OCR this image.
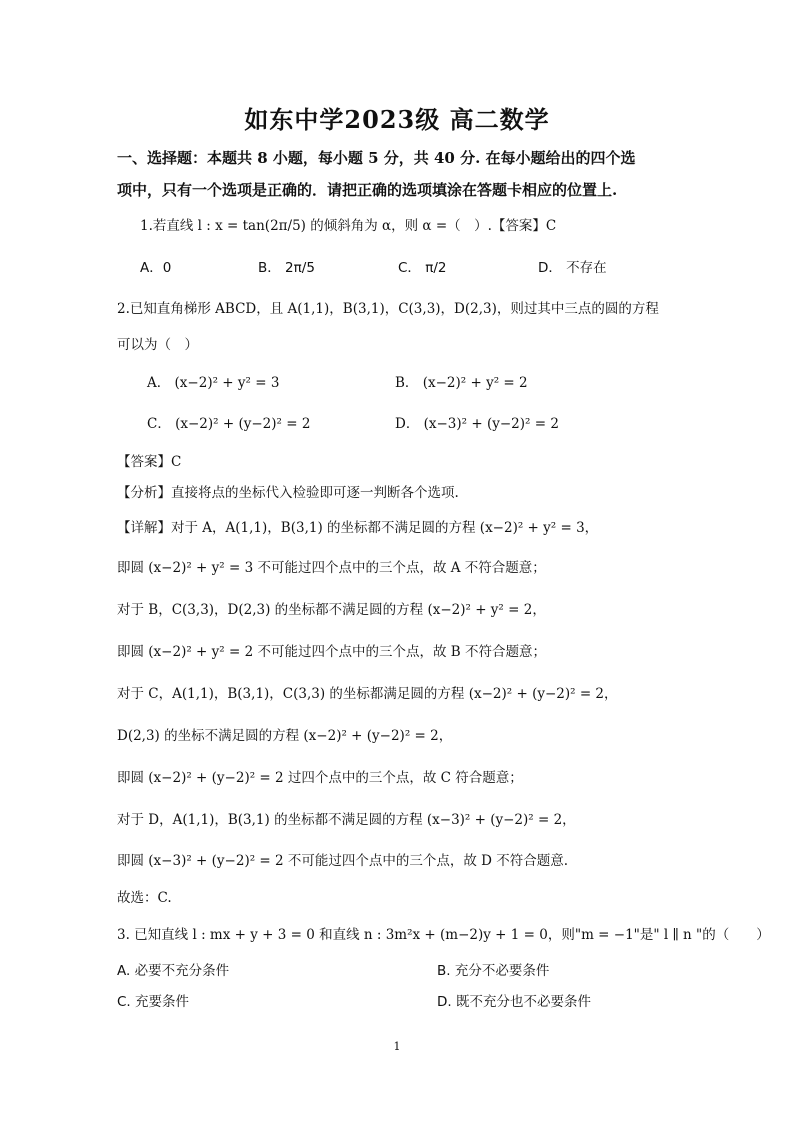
如东中学2023级 高二数学
一、选择题：本题共 8 小题，每小题 5 分，共 40 分. 在每小题给出的四个选
项中，只有一个选项是正确的．请把正确的选项填涂在答题卡相应的位置上.
1.若直线 l : x = tan(2π/5) 的倾斜角为 α，则 α =（　）.【答案】C
A．0	B． 2π/5	C． π/2	D． 不存在
2.已知直角梯形 ABCD，且 A(1,1)，B(3,1)，C(3,3)，D(2,3)，则过其中三点的圆的方程
可以为（　）
A． (x−2)² + y² = 3	B． (x−2)² + y² = 2
C． (x−2)² + (y−2)² = 2	D． (x−3)² + (y−2)² = 2
【答案】C
【分析】直接将点的坐标代入检验即可逐一判断各个选项.
【详解】对于 A，A(1,1)，B(3,1) 的坐标都不满足圆的方程 (x−2)² + y² = 3，
即圆 (x−2)² + y² = 3 不可能过四个点中的三个点，故 A 不符合题意；
对于 B，C(3,3)，D(2,3) 的坐标都不满足圆的方程 (x−2)² + y² = 2，
即圆 (x−2)² + y² = 2 不可能过四个点中的三个点，故 B 不符合题意；
对于 C，A(1,1)，B(3,1)，C(3,3) 的坐标都满足圆的方程 (x−2)² + (y−2)² = 2，
D(2,3) 的坐标不满足圆的方程 (x−2)² + (y−2)² = 2，
即圆 (x−2)² + (y−2)² = 2 过四个点中的三个点，故 C 符合题意；
对于 D，A(1,1)，B(3,1) 的坐标都不满足圆的方程 (x−3)² + (y−2)² = 2，
即圆 (x−3)² + (y−2)² = 2 不可能过四个点中的三个点，故 D 不符合题意.
故选：C.
3. 已知直线 l : mx + y + 3 = 0 和直线 n : 3m²x + (m−2)y + 1 = 0，则"m = −1"是" l ∥ n "的（　　）
A. 必要不充分条件	B. 充分不必要条件
C. 充要条件	D. 既不充分也不必要条件
1
